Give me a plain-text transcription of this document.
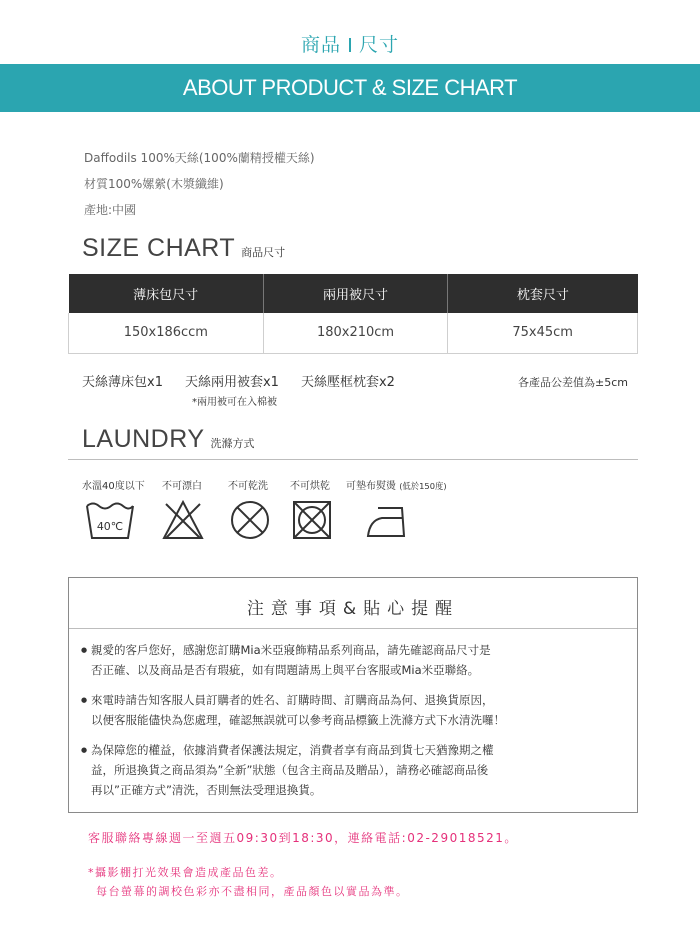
商品 尺寸
ABOUT PRODUCT & SIZE CHART
Daffodils 100%天絲(100%蘭精授權天絲)
材質100%嫘縈(木漿纖維)
產地:中國
SIZE CHART 商品尺寸
薄床包尺寸	兩用被尺寸	枕套尺寸
150x186ccm	180x210cm	75x45cm
天絲薄床包x1 天絲兩用被套x1 天絲壓框枕套x2
*兩用被可在入棉被
各產品公差值為±5cm
LAUNDRY 洗滌方式
水溫40度以下 不可漂白	不可乾洗 不可烘乾 可墊布熨燙 (低於150度)
40℃
注意事項&貼心提醒
● 親愛的客戶您好，感謝您訂購Mia米亞寢飾精品系列商品，請先確認商品尺寸是
否正確、以及商品是否有瑕疵，如有問題請馬上與平台客服或Mia米亞聯絡。
● 來電時請告知客服人員訂購者的姓名、訂購時間、訂購商品為何、退換貨原因，
以便客服能儘快為您處理，確認無誤就可以參考商品標籤上洗滌方式下水清洗囉！
● 為保障您的權益，依據消費者保護法規定，消費者享有商品到貨七天猶豫期之權
益，所退換貨之商品須為”全新”狀態（包含主商品及贈品），請務必確認商品後
再以”正確方式”清洗，否則無法受理退換貨。
客服聯絡專線週一至週五09:30到18:30，連絡電話:02-29018521。
*攝影棚打光效果會造成產品色差。
每台螢幕的調校色彩亦不盡相同，產品顏色以實品為準。
